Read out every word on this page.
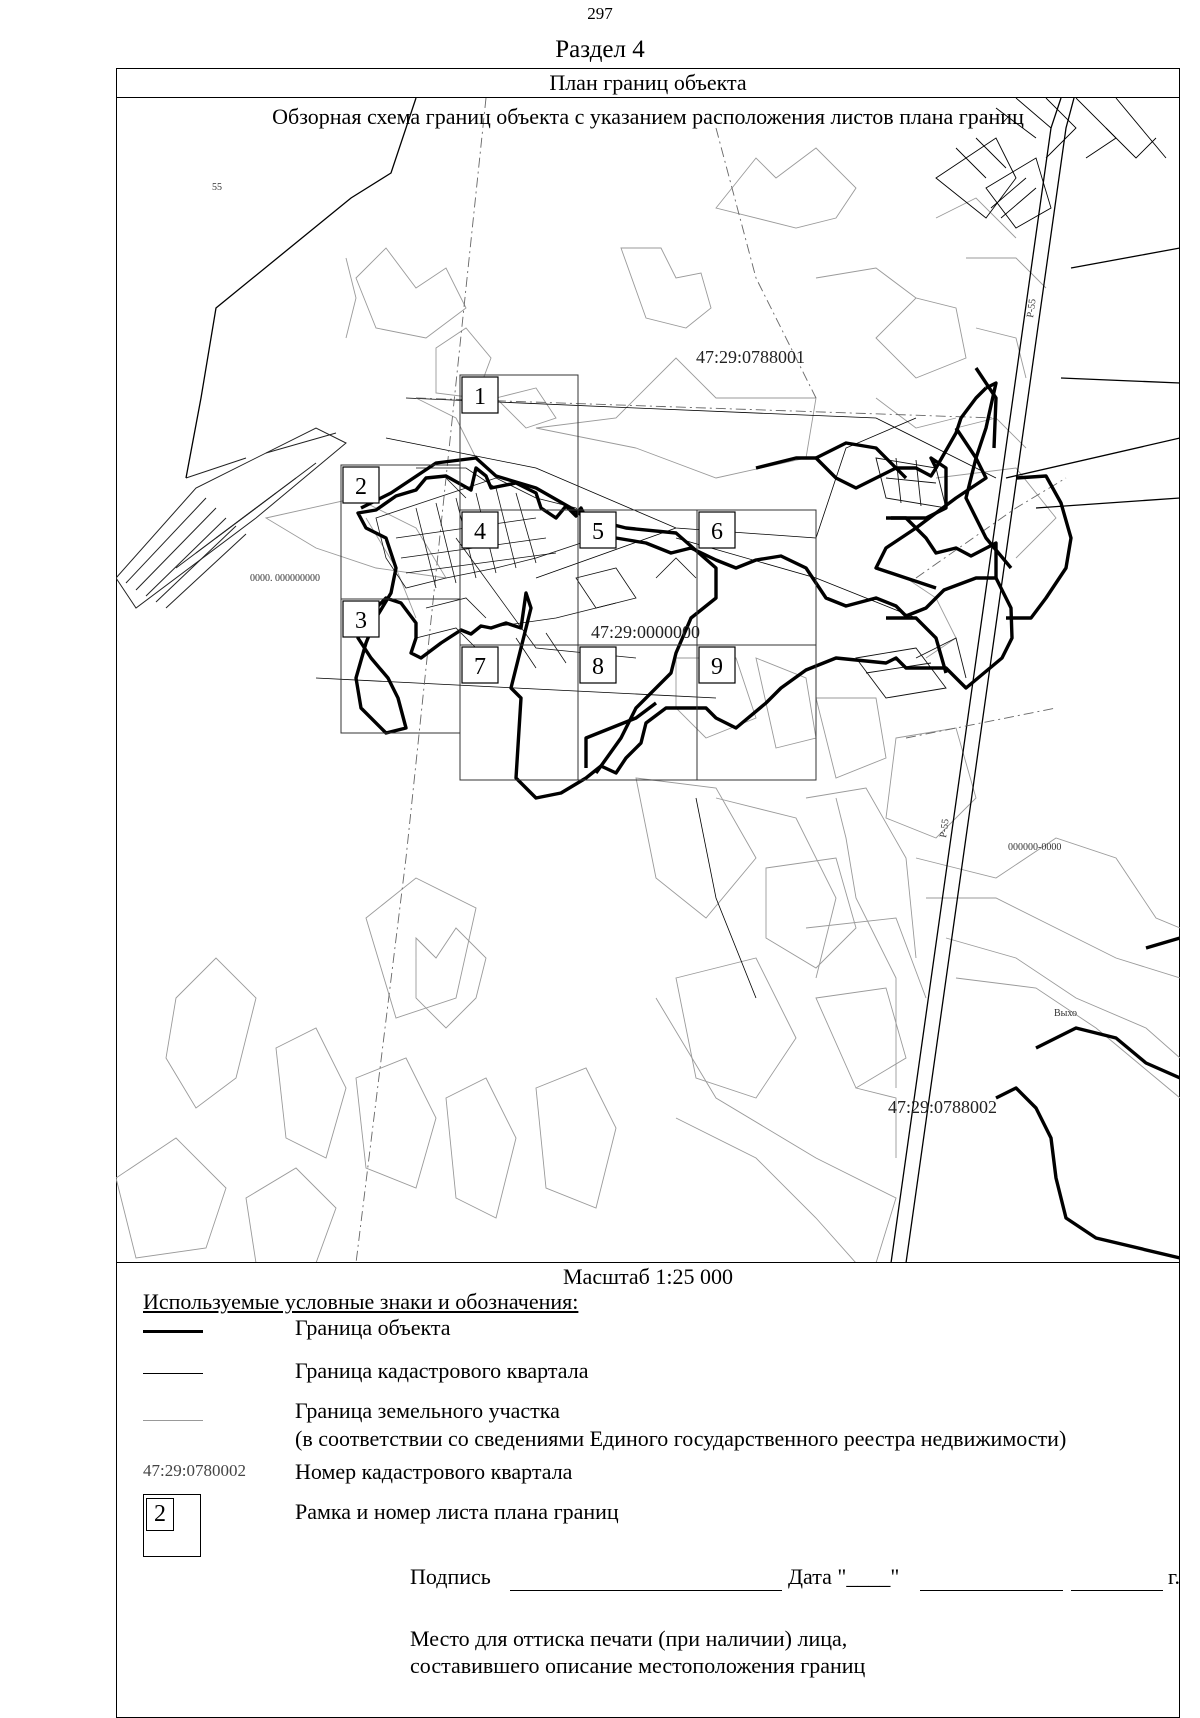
297
Раздел 4
План границ объекта
1
2
3
4	5	6
7	8	9
47:29:0788001
47:29:0000000
47:29:0788002
55
0000. 000000000
000000-0000
Р-55
Р-55
Выхо
Обзорная схема границ объекта с указанием расположения листов плана границ
Масштаб 1:25 000
Используемые условные знаки и обозначения:
Граница объекта
Граница кадастрового квартала
Граница земельного участка
(в соответствии со сведениями Единого государственного реестра недвижимости)
47:29:0780002 Номер кадастрового квартала
2	Рамка и номер листа плана границ
Подпись	Дата "____"	г.
Место для оттиска печати (при наличии) лица,
составившего описание местоположения границ
